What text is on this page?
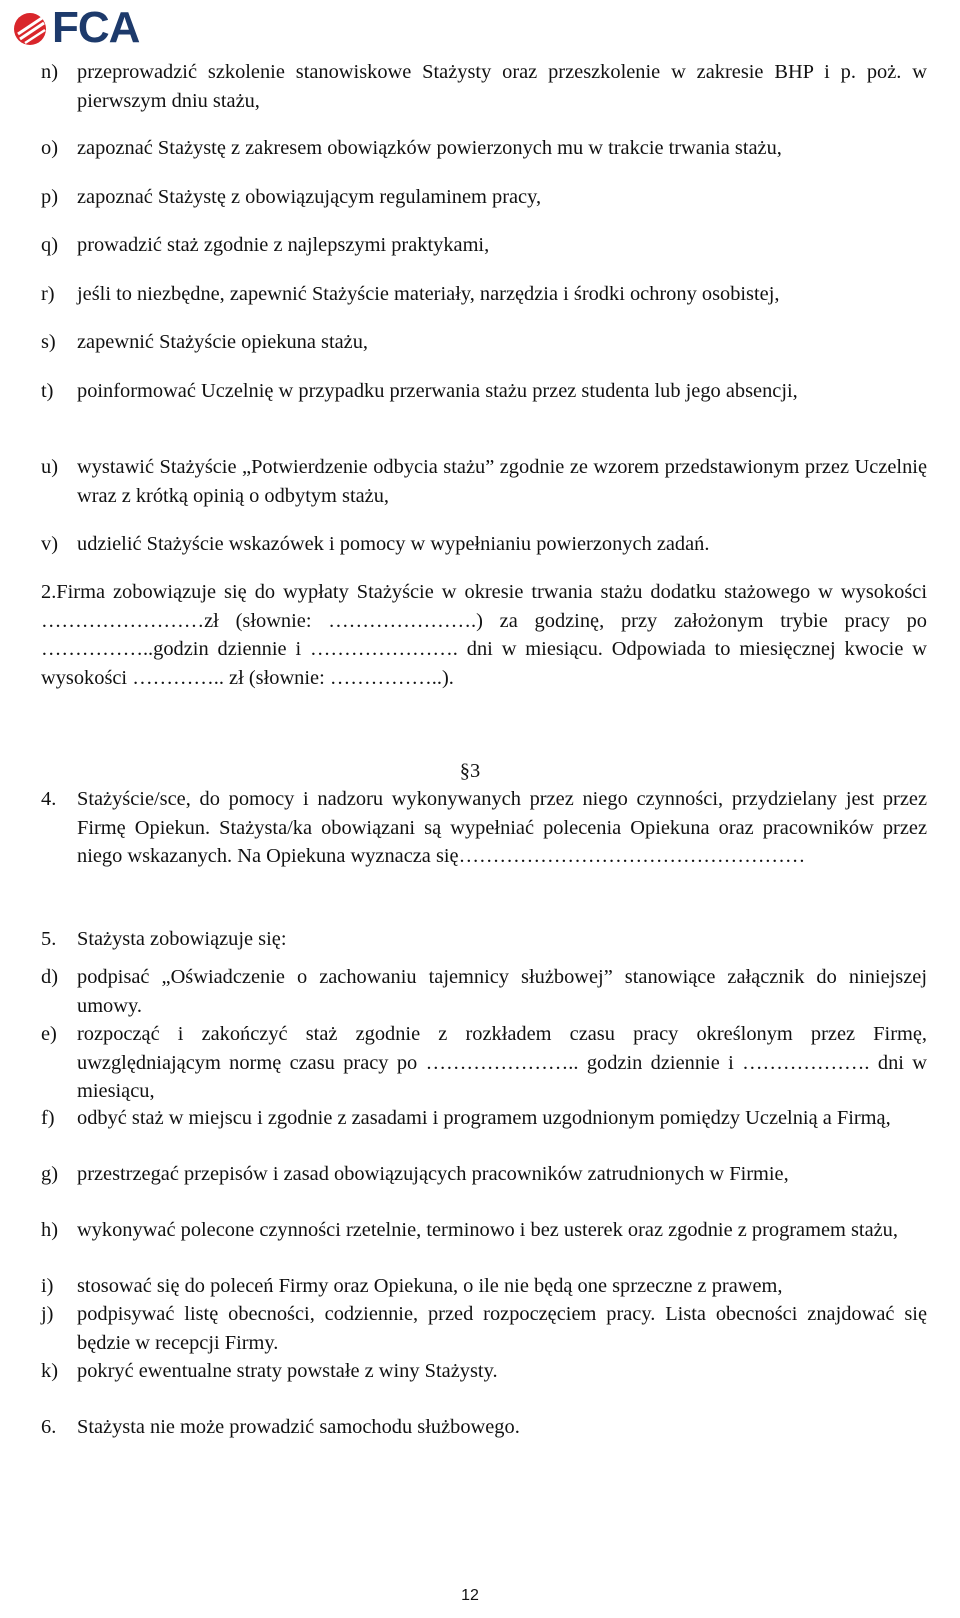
FCA
n) przeprowadzić szkolenie stanowiskowe Stażysty oraz przeszkolenie w zakresie BHP i p. poż. w pierwszym dniu stażu,
o) zapoznać Stażystę z zakresem obowiązków powierzonych mu w trakcie trwania stażu,
p) zapoznać Stażystę z obowiązującym regulaminem pracy,
q) prowadzić staż zgodnie z najlepszymi praktykami,
r) jeśli to niezbędne, zapewnić Stażyście materiały, narzędzia i środki ochrony osobistej,
s) zapewnić Stażyście opiekuna stażu,
t) poinformować Uczelnię w przypadku przerwania stażu przez studenta lub jego absencji,
u) wystawić Stażyście „Potwierdzenie odbycia stażu” zgodnie ze wzorem przedstawionym przez Uczelnię wraz z krótką opinią o odbytym stażu,
v) udzielić Stażyście wskazówek i pomocy w wypełnianiu powierzonych zadań.
2.Firma zobowiązuje się do wypłaty Stażyście w okresie trwania stażu dodatku stażowego w wysokości ……………………zł (słownie: ………………….) za godzinę, przy założonym trybie pracy po ……………..godzin dziennie i …………………. dni w miesiącu. Odpowiada to miesięcznej kwocie w wysokości ………….. zł (słownie: ……………..).
§3
4. Stażyście/sce, do pomocy i nadzoru wykonywanych przez niego czynności, przydzielany jest przez Firmę Opiekun. Stażysta/ka obowiązani są wypełniać polecenia Opiekuna oraz pracowników przez niego wskazanych. Na Opiekuna wyznacza się……………………………………………
5. Stażysta zobowiązuje się:
d) podpisać „Oświadczenie o zachowaniu tajemnicy służbowej” stanowiące załącznik do niniejszej umowy.
e) rozpocząć i zakończyć staż zgodnie z rozkładem czasu pracy określonym przez Firmę, uwzględniającym normę czasu pracy po ………………….. godzin dziennie i ………………. dni w miesiącu,
f) odbyć staż w miejscu i zgodnie z zasadami i programem uzgodnionym pomiędzy Uczelnią a Firmą,
g) przestrzegać przepisów i zasad obowiązujących pracowników zatrudnionych w Firmie,
h) wykonywać polecone czynności rzetelnie, terminowo i bez usterek oraz zgodnie z programem stażu,
i) stosować się do poleceń Firmy oraz Opiekuna, o ile nie będą one sprzeczne z prawem,
j) podpisywać listę obecności, codziennie, przed rozpoczęciem pracy. Lista obecności znajdować się będzie w recepcji Firmy.
k) pokryć ewentualne straty powstałe z winy Stażysty.
6. Stażysta nie może prowadzić samochodu służbowego.
12
